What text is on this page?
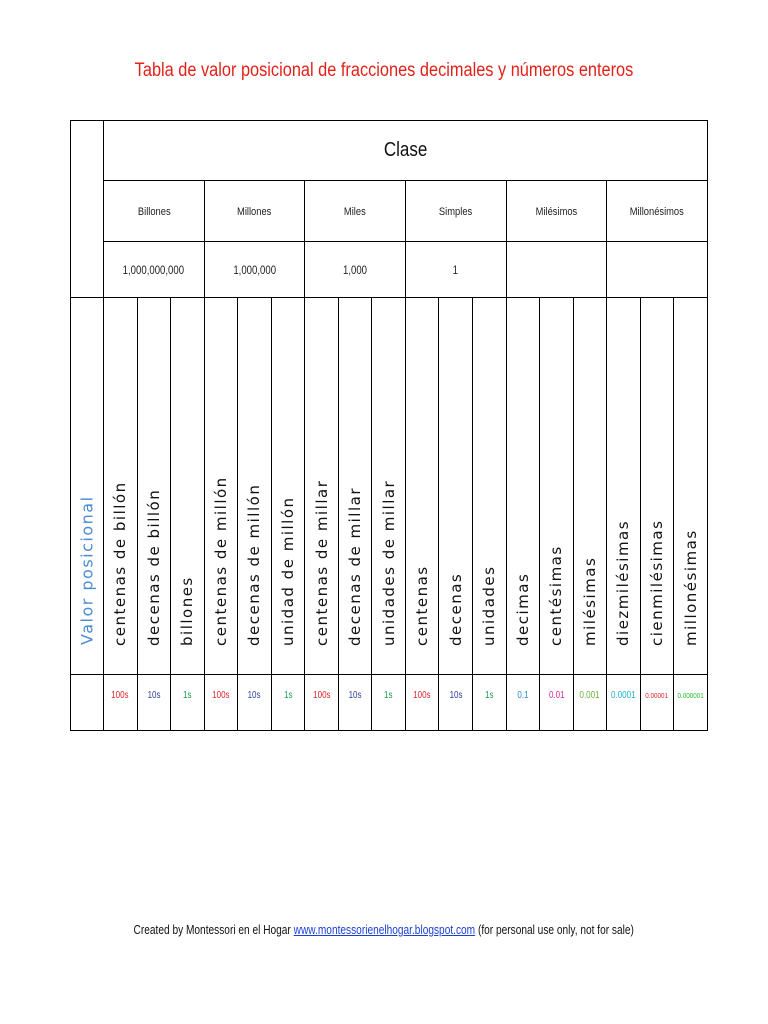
Tabla de valor posicional de fracciones decimales y números enteros
	Clase																	
	Billones			Millones			Miles			Simples			Milésimos			Millonésimos		
	1,000,000,000			1,000,000			1,000			1								

Valor posicional	centenas de billón	decenas de billón	billones	centenas de millón	decenas de millón	unidad de millón	centenas de millar	decenas de millar	unidades de millar	centenas	decenas	unidades	decimas	centésimas	milésimas	diezmilésimas	cienmilésimas	millonésimas

	100s	10s	1s	100s	10s	1s	100s	10s	1s	100s	10s	1s	0.1	0.01	0.001	0.0001	0.00001	0.000001
Created by Montessori en el Hogar www.montessorienelhogar.blogspot.com (for personal use only, not for sale)
